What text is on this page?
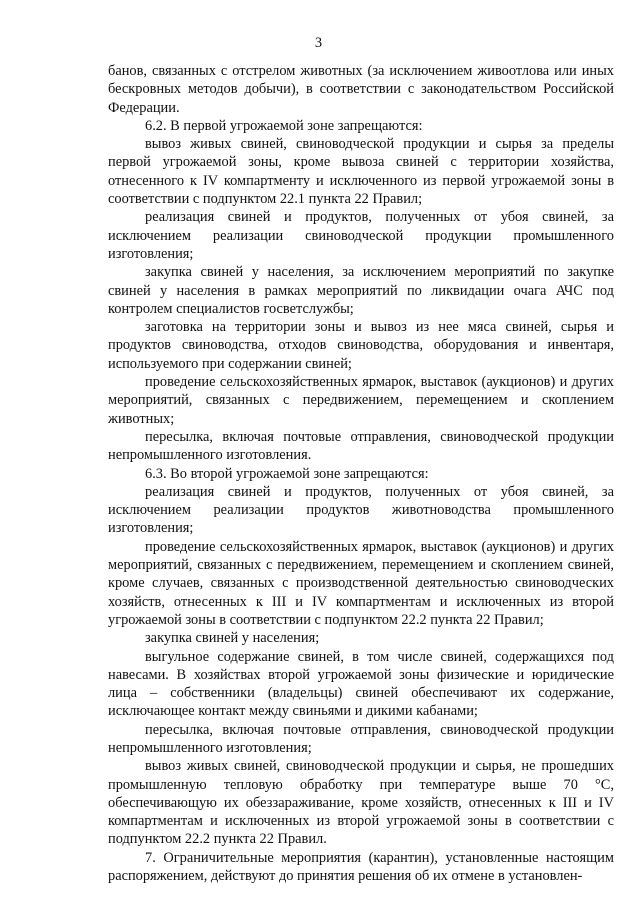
3

банов, связанных с отстрелом животных (за исключением живоотлова или иных бескровных методов добычи), в соответствии с законодательством Российской Федерации.

6.2. В первой угрожаемой зоне запрещаются:

вывоз живых свиней, свиноводческой продукции и сырья за пределы первой угрожаемой зоны, кроме вывоза свиней с территории хозяйства, отнесенного к IV компартменту и исключенного из первой угрожаемой зоны в соответствии с подпунктом 22.1 пункта 22 Правил;

реализация свиней и продуктов, полученных от убоя свиней, за исключением реализации свиноводческой продукции промышленного изготовления;

закупка свиней у населения, за исключением мероприятий по закупке свиней у населения в рамках мероприятий по ликвидации очага АЧС под контролем специалистов госветслужбы;

заготовка на территории зоны и вывоз из нее мяса свиней, сырья и продуктов свиноводства, отходов свиноводства, оборудования и инвентаря, используемого при содержании свиней;

проведение сельскохозяйственных ярмарок, выставок (аукционов) и других мероприятий, связанных с передвижением, перемещением и скоплением животных;

пересылка, включая почтовые отправления, свиноводческой продукции непромышленного изготовления.

6.3. Во второй угрожаемой зоне запрещаются:

реализация свиней и продуктов, полученных от убоя свиней, за исключением реализации продуктов животноводства промышленного изготовления;

проведение сельскохозяйственных ярмарок, выставок (аукционов) и других мероприятий, связанных с передвижением, перемещением и скоплением свиней, кроме случаев, связанных с производственной деятельностью свиноводческих хозяйств, отнесенных к III и IV компартментам и исключенных из второй угрожаемой зоны в соответствии с подпунктом 22.2 пункта 22 Правил;

закупка свиней у населения;

выгульное содержание свиней, в том числе свиней, содержащихся под навесами. В хозяйствах второй угрожаемой зоны физические и юридические лица – собственники (владельцы) свиней обеспечивают их содержание, исключающее контакт между свиньями и дикими кабанами;

пересылка, включая почтовые отправления, свиноводческой продукции непромышленного изготовления;

вывоз живых свиней, свиноводческой продукции и сырья, не прошедших промышленную тепловую обработку при температуре выше 70 °С, обеспечивающую их обеззараживание, кроме хозяйств, отнесенных к III и IV компартментам и исключенных из второй угрожаемой зоны в соответствии с подпунктом 22.2 пункта 22 Правил.

7. Ограничительные мероприятия (карантин), установленные настоящим распоряжением, действуют до принятия решения об их отмене в установлен-
